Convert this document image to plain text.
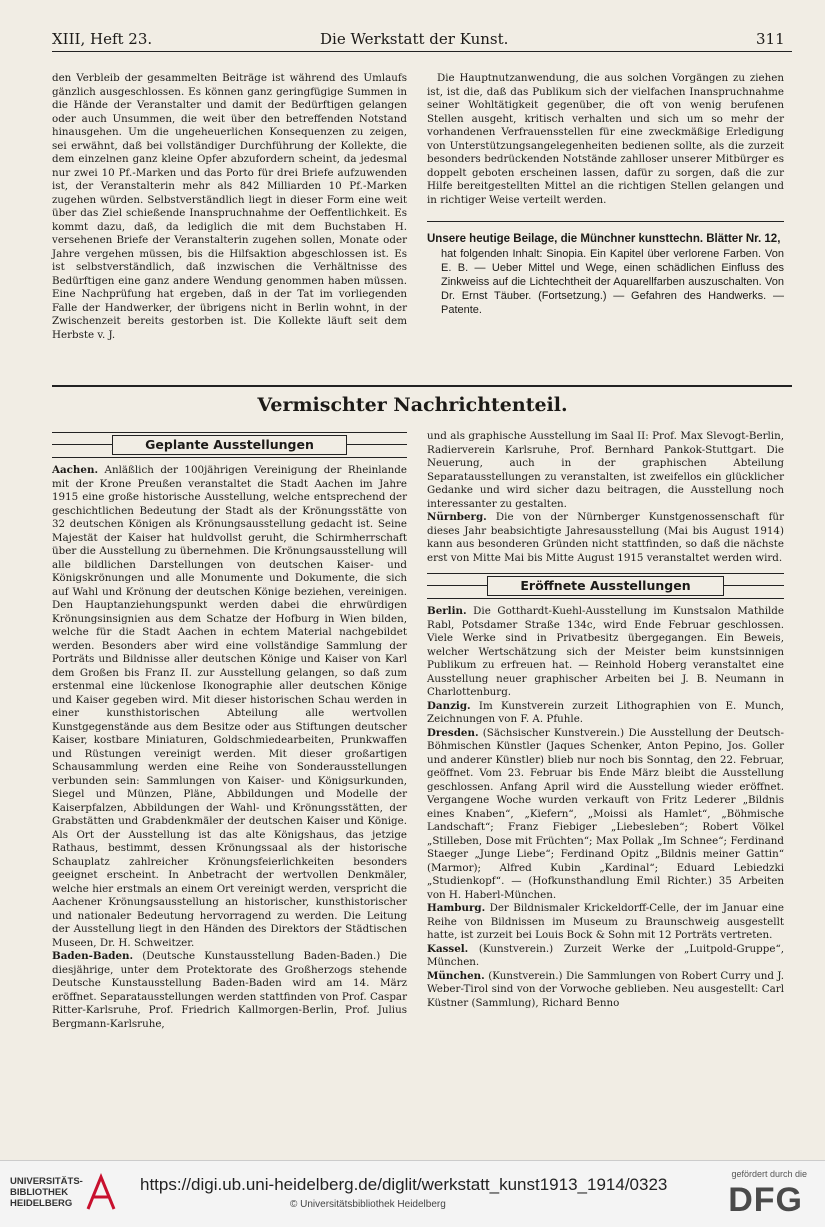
XIII, Heft 23.	Die Werkstatt der Kunst.	311

den Verbleib der gesammelten Beiträge ist während des Umlaufs gänzlich ausgeschlossen. Es können ganz geringfügige Summen in die Hände der Veranstalter und damit der Bedürftigen gelangen oder auch Unsummen, die weit über den betreffenden Notstand hinausgehen. Um die ungeheuerlichen Konsequenzen zu zeigen, sei erwähnt, daß bei vollständiger Durchführung der Kollekte, die dem einzelnen ganz kleine Opfer abzufordern scheint, da jedesmal nur zwei 10 Pf.-Marken und das Porto für drei Briefe aufzuwenden ist, der Veranstalterin mehr als 842 Milliarden 10 Pf.-Marken zugehen würden. Selbstverständlich liegt in dieser Form eine weit über das Ziel schießende Inanspruchnahme der Oeffentlichkeit. Es kommt dazu, daß, da lediglich die mit dem Buchstaben H. versehenen Briefe der Veranstalterin zugehen sollen, Monate oder Jahre vergehen müssen, bis die Hilfsaktion abgeschlossen ist. Es ist selbstverständlich, daß inzwischen die Verhältnisse des Bedürftigen eine ganz andere Wendung genommen haben müssen. Eine Nachprüfung hat ergeben, daß in der Tat im vorliegenden Falle der Handwerker, der übrigens nicht in Berlin wohnt, in der Zwischenzeit bereits gestorben ist. Die Kollekte läuft seit dem Herbste v. J.

Die Hauptnutzanwendung, die aus solchen Vorgängen zu ziehen ist, ist die, daß das Publikum sich der vielfachen Inanspruchnahme seiner Wohltätigkeit gegenüber, die oft von wenig berufenen Stellen ausgeht, kritisch verhalten und sich um so mehr der vorhandenen Verfrauensstellen für eine zweckmäßige Erledigung von Unterstützungsangelegenheiten bedienen sollte, als die zurzeit besonders bedrückenden Notstände zahlloser unserer Mitbürger es doppelt geboten erscheinen lassen, dafür zu sorgen, daß die zur Hilfe bereitgestellten Mittel an die richtigen Stellen gelangen und in richtiger Weise verteilt werden.

Unsere heutige Beilage, die Münchner kunsttechn. Blätter Nr. 12,
hat folgenden Inhalt: Sinopia. Ein Kapitel über verlorene Farben. Von E. B. — Ueber Mittel und Wege, einen schädlichen Einfluss des Zinkweiss auf die Lichtechtheit der Aquarellfarben auszuschalten. Von Dr. Ernst Täuber. (Fortsetzung.) — Gefahren des Handwerks. — Patente.
Vermischter Nachrichtenteil.
Geplante Ausstellungen

Aachen. Anläßlich der 100jährigen Vereinigung der Rheinlande mit der Krone Preußen veranstaltet die Stadt Aachen im Jahre 1915 eine große historische Ausstellung, welche entsprechend der geschichtlichen Bedeutung der Stadt als der Krönungsstätte von 32 deutschen Königen als Krönungsausstellung gedacht ist. Seine Majestät der Kaiser hat huldvollst geruht, die Schirmherrschaft über die Ausstellung zu übernehmen. Die Krönungsausstellung will alle bildlichen Darstellungen von deutschen Kaiser- und Königskrönungen und alle Monumente und Dokumente, die sich auf Wahl und Krönung der deutschen Könige beziehen, vereinigen. Den Hauptanziehungspunkt werden dabei die ehrwürdigen Krönungsinsignien aus dem Schatze der Hofburg in Wien bilden, welche für die Stadt Aachen in echtem Material nachgebildet werden. Besonders aber wird eine vollständige Sammlung der Porträts und Bildnisse aller deutschen Könige und Kaiser von Karl dem Großen bis Franz II. zur Ausstellung gelangen, so daß zum erstenmal eine lückenlose Ikonographie aller deutschen Könige und Kaiser gegeben wird. Mit dieser historischen Schau werden in einer kunsthistorischen Abteilung alle wertvollen Kunstgegenstände aus dem Besitze oder aus Stiftungen deutscher Kaiser, kostbare Miniaturen, Goldschmiedearbeiten, Prunkwaffen und Rüstungen vereinigt werden. Mit dieser großartigen Schausammlung werden eine Reihe von Sonderausstellungen verbunden sein: Sammlungen von Kaiser- und Königsurkunden, Siegel und Münzen, Pläne, Abbildungen und Modelle der Kaiserpfalzen, Abbildungen der Wahl- und Krönungsstätten, der Grabstätten und Grabdenkmäler der deutschen Kaiser und Könige. Als Ort der Ausstellung ist das alte Königshaus, das jetzige Rathaus, bestimmt, dessen Krönungssaal als der historische Schauplatz zahlreicher Krönungsfeierlichkeiten besonders geeignet erscheint. In Anbetracht der wertvollen Denkmäler, welche hier erstmals an einem Ort vereinigt werden, verspricht die Aachener Krönungsausstellung an historischer, kunsthistorischer und nationaler Bedeutung hervorragend zu werden. Die Leitung der Ausstellung liegt in den Händen des Direktors der Städtischen Museen, Dr. H. Schweitzer.

Baden-Baden. (Deutsche Kunstausstellung Baden-Baden.) Die diesjährige, unter dem Protektorate des Großherzogs stehende Deutsche Kunstausstellung Baden-Baden wird am 14. März eröffnet. Separatausstellungen werden stattfinden von Prof. Caspar Ritter-Karlsruhe, Prof. Friedrich Kallmorgen-Berlin, Prof. Julius Bergmann-Karlsruhe,

und als graphische Ausstellung im Saal II: Prof. Max Slevogt-Berlin, Radierverein Karlsruhe, Prof. Bernhard Pankok-Stuttgart. Die Neuerung, auch in der graphischen Abteilung Separatausstellungen zu veranstalten, ist zweifellos ein glücklicher Gedanke und wird sicher dazu beitragen, die Ausstellung noch interessanter zu gestalten.

Nürnberg. Die von der Nürnberger Kunstgenossenschaft für dieses Jahr beabsichtigte Jahresausstellung (Mai bis August 1914) kann aus besonderen Gründen nicht stattfinden, so daß die nächste erst von Mitte Mai bis Mitte August 1915 veranstaltet werden wird.

Eröffnete Ausstellungen

Berlin. Die Gotthardt-Kuehl-Ausstellung im Kunstsalon Mathilde Rabl, Potsdamer Straße 134c, wird Ende Februar geschlossen. Viele Werke sind in Privatbesitz übergegangen. Ein Beweis, welcher Wertschätzung sich der Meister beim kunstsinnigen Publikum zu erfreuen hat. — Reinhold Hoberg veranstaltet eine Ausstellung neuer graphischer Arbeiten bei J. B. Neumann in Charlottenburg.

Danzig. Im Kunstverein zurzeit Lithographien von E. Munch, Zeichnungen von F. A. Pfuhle.

Dresden. (Sächsischer Kunstverein.) Die Ausstellung der Deutsch-Böhmischen Künstler (Jaques Schenker, Anton Pepino, Jos. Goller und anderer Künstler) blieb nur noch bis Sonntag, den 22. Februar, geöffnet. Vom 23. Februar bis Ende März bleibt die Ausstellung geschlossen. Anfang April wird die Ausstellung wieder eröffnet. Vergangene Woche wurden verkauft von Fritz Lederer „Bildnis eines Knaben“, „Kiefern“, „Moissi als Hamlet“, „Böhmische Landschaft“; Franz Fiebiger „Liebesleben“; Robert Völkel „Stilleben, Dose mit Früchten“; Max Pollak „Im Schnee“; Ferdinand Staeger „Junge Liebe“; Ferdinand Opitz „Bildnis meiner Gattin“ (Marmor); Alfred Kubin „Kardinal“; Eduard Lebiedzki „Studienkopf“. — (Hofkunsthandlung Emil Richter.) 35 Arbeiten von H. Haberl-München.

Hamburg. Der Bildnismaler Krickeldorff-Celle, der im Januar eine Reihe von Bildnissen im Museum zu Braunschweig ausgestellt hatte, ist zurzeit bei Louis Bock & Sohn mit 12 Porträts vertreten.

Kassel. (Kunstverein.) Zurzeit Werke der „Luitpold-Gruppe“, München.

München. (Kunstverein.) Die Sammlungen von Robert Curry und J. Weber-Tirol sind von der Vorwoche geblieben. Neu ausgestellt: Carl Küstner (Sammlung), Richard Benno

UNIVERSITÄTS-
BIBLIOTHEK
HEIDELBERG
https://digi.ub.uni-heidelberg.de/diglit/werkstatt_kunst1913_1914/0323
© Universitätsbibliothek Heidelberg
gefördert durch die
DFG
